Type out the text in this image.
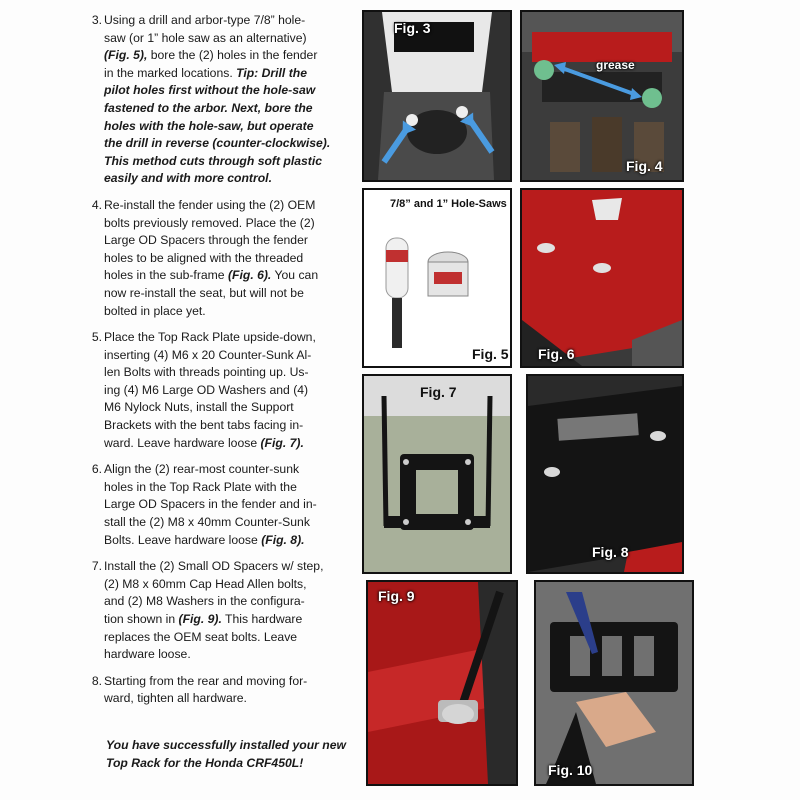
3. Using a drill and arbor-type 7/8” hole-
saw (or 1” hole saw as an alternative)
(Fig. 5), bore the (2) holes in the fender
in the marked locations. Tip: Drill the
pilot holes first without the hole-saw
fastened to the arbor. Next, bore the
holes with the hole-saw, but operate
the drill in reverse (counter-clockwise).
This method cuts through soft plastic
easily and with more control.
4. Re-install the fender using the (2) OEM
bolts previously removed. Place the (2)
Large OD Spacers through the fender
holes to be aligned with the threaded
holes in the sub-frame (Fig. 6). You can
now re-install the seat, but will not be
bolted in place yet.
5. Place the Top Rack Plate upside-down,
inserting (4) M6 x 20 Counter-Sunk Al-
len Bolts with threads pointing up. Us-
ing (4) M6 Large OD Washers and (4)
M6 Nylock Nuts, install the Support
Brackets with the bent tabs facing in-
ward. Leave hardware loose (Fig. 7).
6. Align the (2) rear-most counter-sunk
holes in the Top Rack Plate with the
Large OD Spacers in the fender and in-
stall the (2) M8 x 40mm Counter-Sunk
Bolts. Leave hardware loose (Fig. 8).
7. Install the (2) Small OD Spacers w/ step,
(2) M8 x 60mm Cap Head Allen bolts,
and (2) M8 Washers in the configura-
tion shown in (Fig. 9). This hardware
replaces the OEM seat bolts. Leave
hardware loose.
8. Starting from the rear and moving for-
ward, tighten all hardware.
You have successfully installed your new
Top Rack for the Honda CRF450L!
Fig. 3
grease
Fig. 4
7/8” and 1” Hole-Saws
Fig. 5 Fig. 6
Fig. 7
Fig. 8
Fig. 9
Fig. 10
